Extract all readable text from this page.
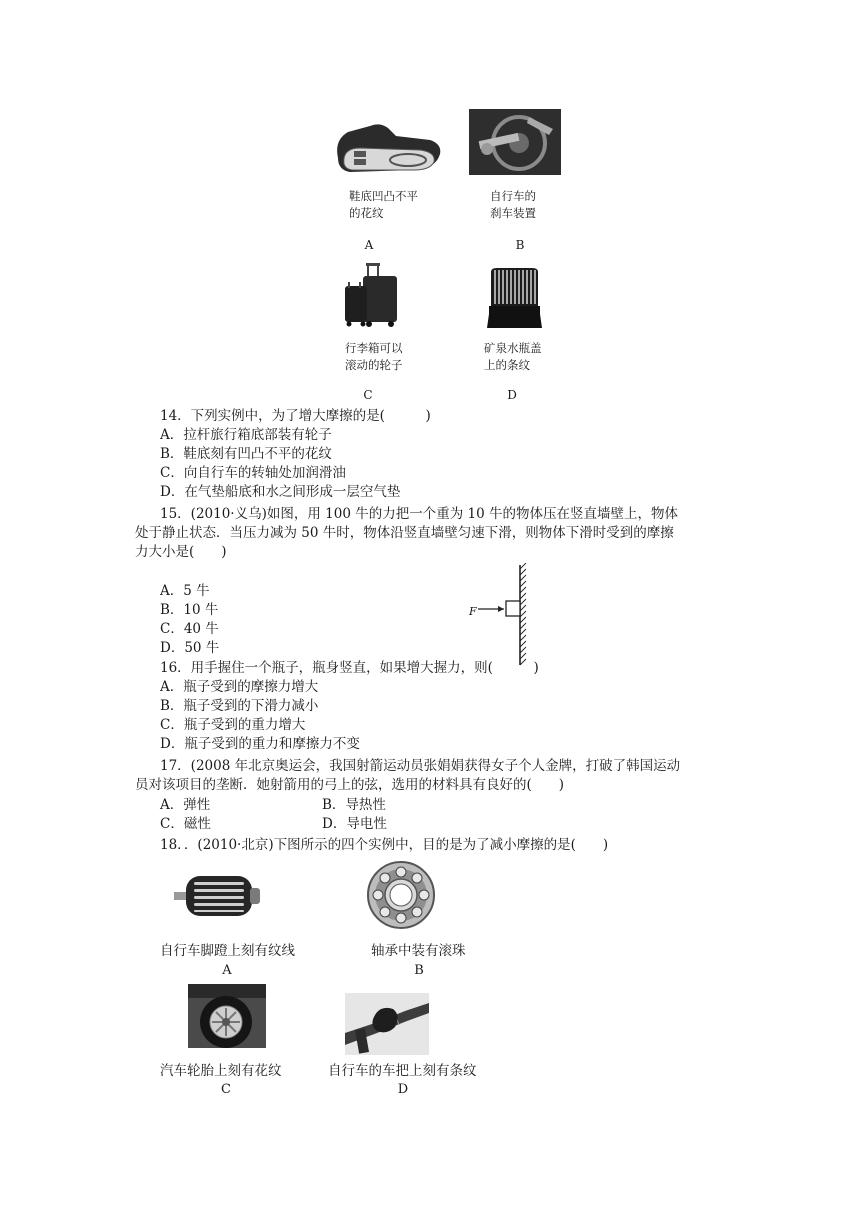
鞋底凹凸不平
的花纹
自行车的
刹车装置
A	B
行李箱可以
滚动的轮子
矿泉水瓶盖
上的条纹
C	D
14．下列实例中，为了增大摩擦的是(　　　)
A．拉杆旅行箱底部装有轮子
B．鞋底刻有凹凸不平的花纹
C．向自行车的转轴处加润滑油
D．在气垫船底和水之间形成一层空气垫
15．(2010·义乌)如图，用 100 牛的力把一个重为 10 牛的物体压在竖直墙壁上，物体
处于静止状态．当压力减为 50 牛时，物体沿竖直墙壁匀速下滑，则物体下滑时受到的摩擦
力大小是(　　)
A．5 牛
B．10 牛
C．40 牛
D．50 牛
F
16．用手握住一个瓶子，瓶身竖直，如果增大握力，则(　　　)
A．瓶子受到的摩擦力增大
B．瓶子受到的下滑力减小
C．瓶子受到的重力增大
D．瓶子受到的重力和摩擦力不变
17．(2008 年北京奥运会，我国射箭运动员张娟娟获得女子个人金牌，打破了韩国运动
员对该项目的垄断．她射箭用的弓上的弦，选用的材料具有良好的(　　)
A．弹性	B．导热性
C．磁性	D．导电性
18．．(2010·北京)下图所示的四个实例中，目的是为了减小摩擦的是(　　)
自行车脚蹬上刻有纹线	轴承中装有滚珠
A	B
汽车轮胎上刻有花纹	自行车的车把上刻有条纹
C	D
